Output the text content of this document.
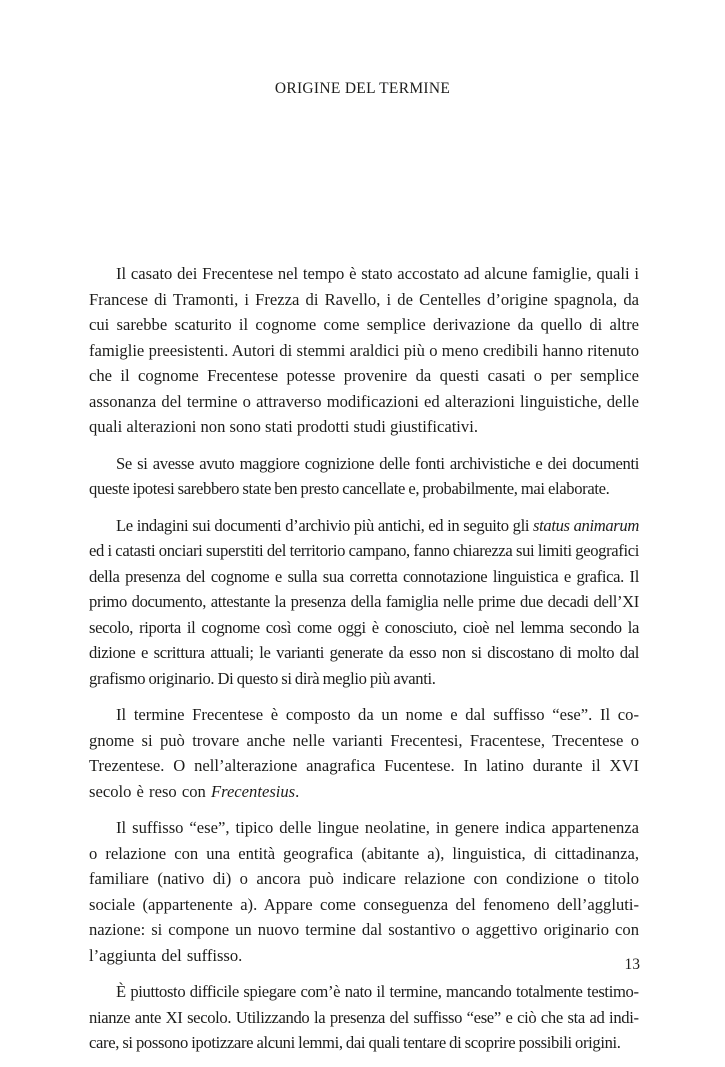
ORIGINE DEL TERMINE

Il casato dei Frecentese nel tempo è stato accostato ad alcune famiglie, quali i Francese di Tramonti, i Frezza di Ravello, i de Centelles d’origine spagnola, da cui sarebbe scaturito il cognome come semplice derivazione da quello di altre famiglie preesistenti. Autori di stemmi araldici più o meno credibili hanno ritenuto che il cognome Frecentese potesse provenire da questi casati o per semplice assonanza del termine o attraverso modificazioni ed alterazioni linguistiche, delle quali alterazioni non sono stati prodotti studi giustificativi.

Se si avesse avuto maggiore cognizione delle fonti archivistiche e dei documenti queste ipotesi sarebbero state ben presto cancellate e, probabilmente, mai elaborate.

Le indagini sui documenti d’archivio più antichi, ed in seguito gli status animarum ed i catasti onciari superstiti del territorio campano, fanno chiarezza sui limiti geografici della presenza del cognome e sulla sua corretta connotazione linguistica e grafica. Il primo documento, attestante la presenza della famiglia nelle prime due decadi dell’XI secolo, riporta il cognome così come oggi è conosciuto, cioè nel lemma secondo la dizione e scrittura attuali; le varianti generate da esso non si discostano di molto dal grafismo originario. Di questo si dirà meglio più avanti.

Il termine Frecentese è composto da un nome e dal suffisso “ese”. Il cognome si può trovare anche nelle varianti Frecentesi, Fracentese, Trecentese o Trezentese. O nell’alterazione anagrafica Fucentese. In latino durante il XVI secolo è reso con Frecentesius.

Il suffisso “ese”, tipico delle lingue neolatine, in genere indica appartenenza o relazione con una entità geografica (abitante a), linguistica, di cittadinanza, familiare (nativo di) o ancora può indicare relazione con condizione o titolo sociale (appartenente a). Appare come conseguenza del fenomeno dell’agglutinazione: si compone un nuovo termine dal sostantivo o aggettivo originario con l’aggiunta del suffisso.

È piuttosto difficile spiegare com’è nato il termine, mancando totalmente testimonianze ante XI secolo. Utilizzando la presenza del suffisso “ese” e ciò che sta ad indicare, si possono ipotizzare alcuni lemmi, dai quali tentare di scoprire possibili origini.

13
